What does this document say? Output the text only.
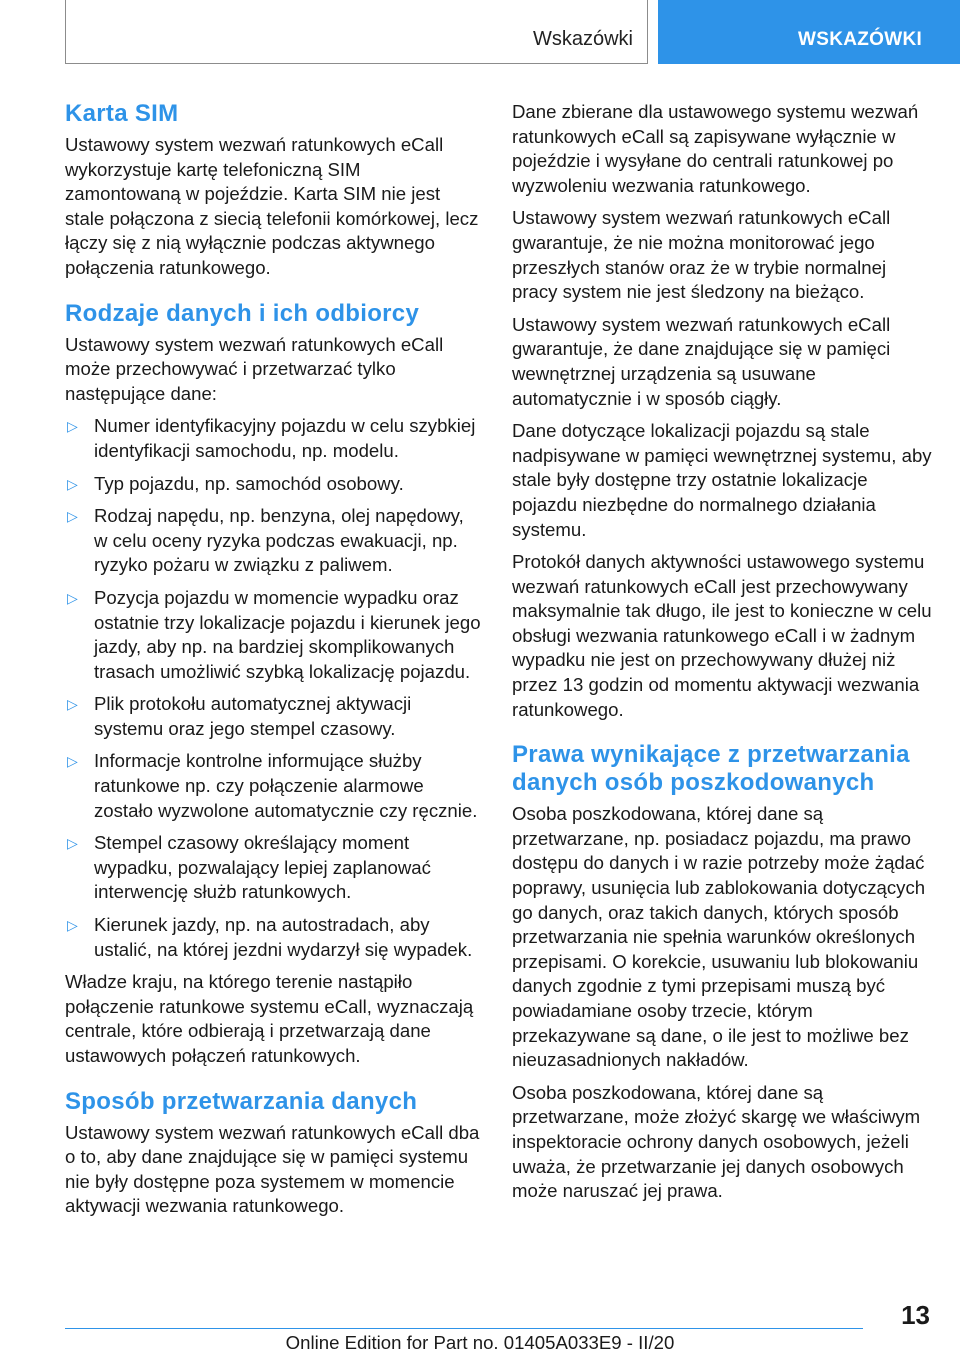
Wskazówki	WSKAZÓWKI
Karta SIM

Ustawowy system wezwań ratunkowych eCall wykorzystuje kartę telefoniczną SIM zamontowaną w pojeździe. Karta SIM nie jest stale połączona z siecią telefonii komórkowej, lecz łączy się z nią wyłącznie podczas aktywnego połączenia ratunkowego.

Rodzaje danych i ich odbiorcy

Ustawowy system wezwań ratunkowych eCall może przechowywać i przetwarzać tylko następujące dane:

▷ Numer identyfikacyjny pojazdu w celu szybkiej identyfikacji samochodu, np. modelu.
▷ Typ pojazdu, np. samochód osobowy.
▷ Rodzaj napędu, np. benzyna, olej napędowy, w celu oceny ryzyka podczas ewakuacji, np. ryzyko pożaru w związku z paliwem.
▷ Pozycja pojazdu w momencie wypadku oraz ostatnie trzy lokalizacje pojazdu i kierunek jego jazdy, aby np. na bardziej skomplikowanych trasach umożliwić szybką lokalizację pojazdu.
▷ Plik protokołu automatycznej aktywacji systemu oraz jego stempel czasowy.
▷ Informacje kontrolne informujące służby ratunkowe np. czy połączenie alarmowe zostało wyzwolone automatycznie czy ręcznie.
▷ Stempel czasowy określający moment wypadku, pozwalający lepiej zaplanować interwencję służb ratunkowych.
▷ Kierunek jazdy, np. na autostradach, aby ustalić, na której jezdni wydarzył się wypadek.

Władze kraju, na którego terenie nastąpiło połączenie ratunkowe systemu eCall, wyznaczają centrale, które odbierają i przetwarzają dane ustawowych połączeń ratunkowych.

Sposób przetwarzania danych

Ustawowy system wezwań ratunkowych eCall dba o to, aby dane znajdujące się w pamięci systemu nie były dostępne poza systemem w momencie aktywacji wezwania ratunkowego.

Dane zbierane dla ustawowego systemu wezwań ratunkowych eCall są zapisywane wyłącznie w pojeździe i wysyłane do centrali ratunkowej po wyzwoleniu wezwania ratunkowego.

Ustawowy system wezwań ratunkowych eCall gwarantuje, że nie można monitorować jego przeszłych stanów oraz że w trybie normalnej pracy system nie jest śledzony na bieżąco.

Ustawowy system wezwań ratunkowych eCall gwarantuje, że dane znajdujące się w pamięci wewnętrznej urządzenia są usuwane automatycznie i w sposób ciągły.

Dane dotyczące lokalizacji pojazdu są stale nadpisywane w pamięci wewnętrznej systemu, aby stale były dostępne trzy ostatnie lokalizacje pojazdu niezbędne do normalnego działania systemu.

Protokół danych aktywności ustawowego systemu wezwań ratunkowych eCall jest przechowywany maksymalnie tak długo, ile jest to konieczne w celu obsługi wezwania ratunkowego eCall i w żadnym wypadku nie jest on przechowywany dłużej niż przez 13 godzin od momentu aktywacji wezwania ratunkowego.

Prawa wynikające z przetwarzania danych osób poszkodowanych

Osoba poszkodowana, której dane są przetwarzane, np. posiadacz pojazdu, ma prawo dostępu do danych i w razie potrzeby może żądać poprawy, usunięcia lub zablokowania dotyczących go danych, oraz takich danych, których sposób przetwarzania nie spełnia warunków określonych przepisami. O korekcie, usuwaniu lub blokowaniu danych zgodnie z tymi przepisami muszą być powiadamiane osoby trzecie, którym przekazywane są dane, o ile jest to możliwe bez nieuzasadnionych nakładów.

Osoba poszkodowana, której dane są przetwarzane, może złożyć skargę we właściwym inspektoracie ochrony danych osobowych, jeżeli uważa, że przetwarzanie jej danych osobowych może naruszać jej prawa.

13
Online Edition for Part no. 01405A033E9 - II/20
